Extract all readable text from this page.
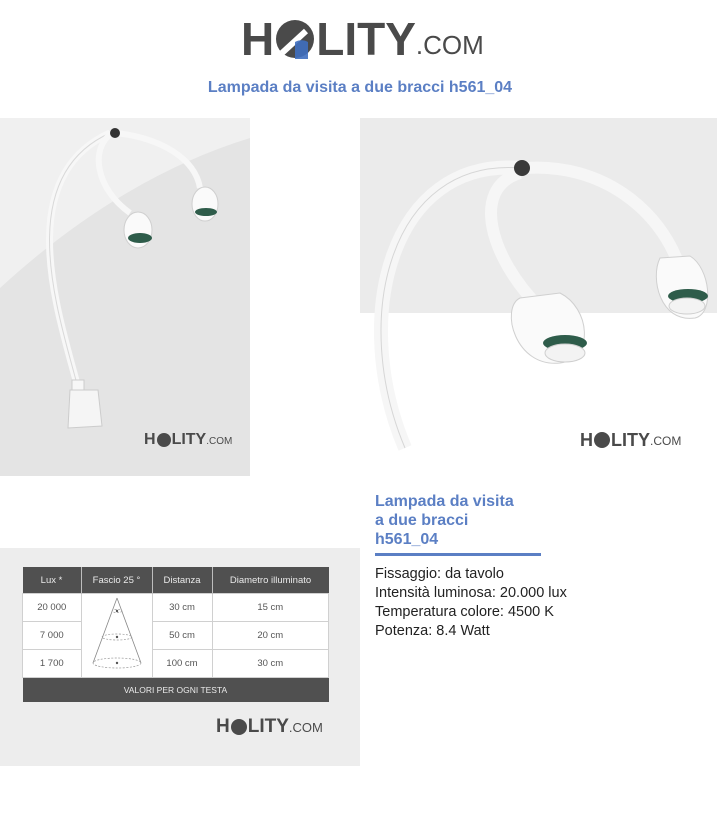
H LITY .COM
Lampada da visita a due bracci h561_04
H LITY .COM	H LITY .COM
Lampada da visita
a due bracci
h561_04
Fissaggio: da tavolo
Intensità luminosa: 20.000 lux
Temperatura colore: 4500 K
Potenza: 8.4 Watt
Lux *	Fascio 25 °	Distanza	Diametro illuminato
20 000		30 cm	15 cm
7 000		50 cm	20 cm
1 700		100 cm	30 cm
VALORI PER OGNI TESTA			
H LITY .COM
